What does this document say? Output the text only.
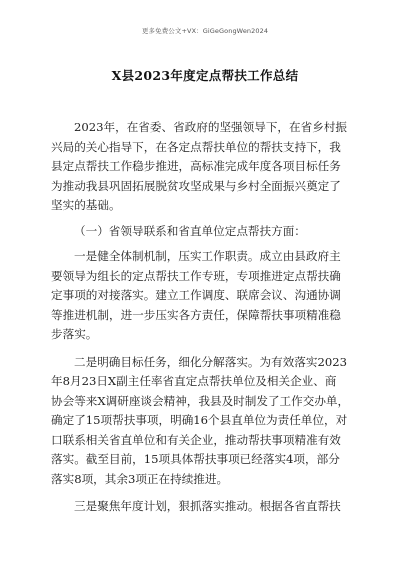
更多免费公文+VX：GiGeGongWen2024
X县2023年度定点帮扶工作总结
2023年，在省委、省政府的坚强领导下，在省乡村振
兴局的关心指导下，在各定点帮扶单位的帮扶支持下，我
县定点帮扶工作稳步推进，高标准完成年度各项目标任务
为推动我县巩固拓展脱贫攻坚成果与乡村全面振兴奠定了
坚实的基础。
（一）省领导联系和省直单位定点帮扶方面：
一是健全体制机制，压实工作职责。成立由县政府主
要领导为组长的定点帮扶工作专班，专项推进定点帮扶确
定事项的对接落实。建立工作调度、联席会议、沟通协调
等推进机制，进一步压实各方责任，保障帮扶事项精准稳
步落实。
二是明确目标任务，细化分解落实。为有效落实2023
年8月23日X副主任率省直定点帮扶单位及相关企业、商
协会等来X调研座谈会精神，我县及时制发了工作交办单，
确定了15项帮扶事项，明确16个县直单位为责任单位，对
口联系相关省直单位和有关企业，推动帮扶事项精准有效
落实。截至目前，15项具体帮扶事项已经落实4项，部分
落实8项，其余3项正在持续推进。
三是聚焦年度计划，狠抓落实推动。根据各省直帮扶
